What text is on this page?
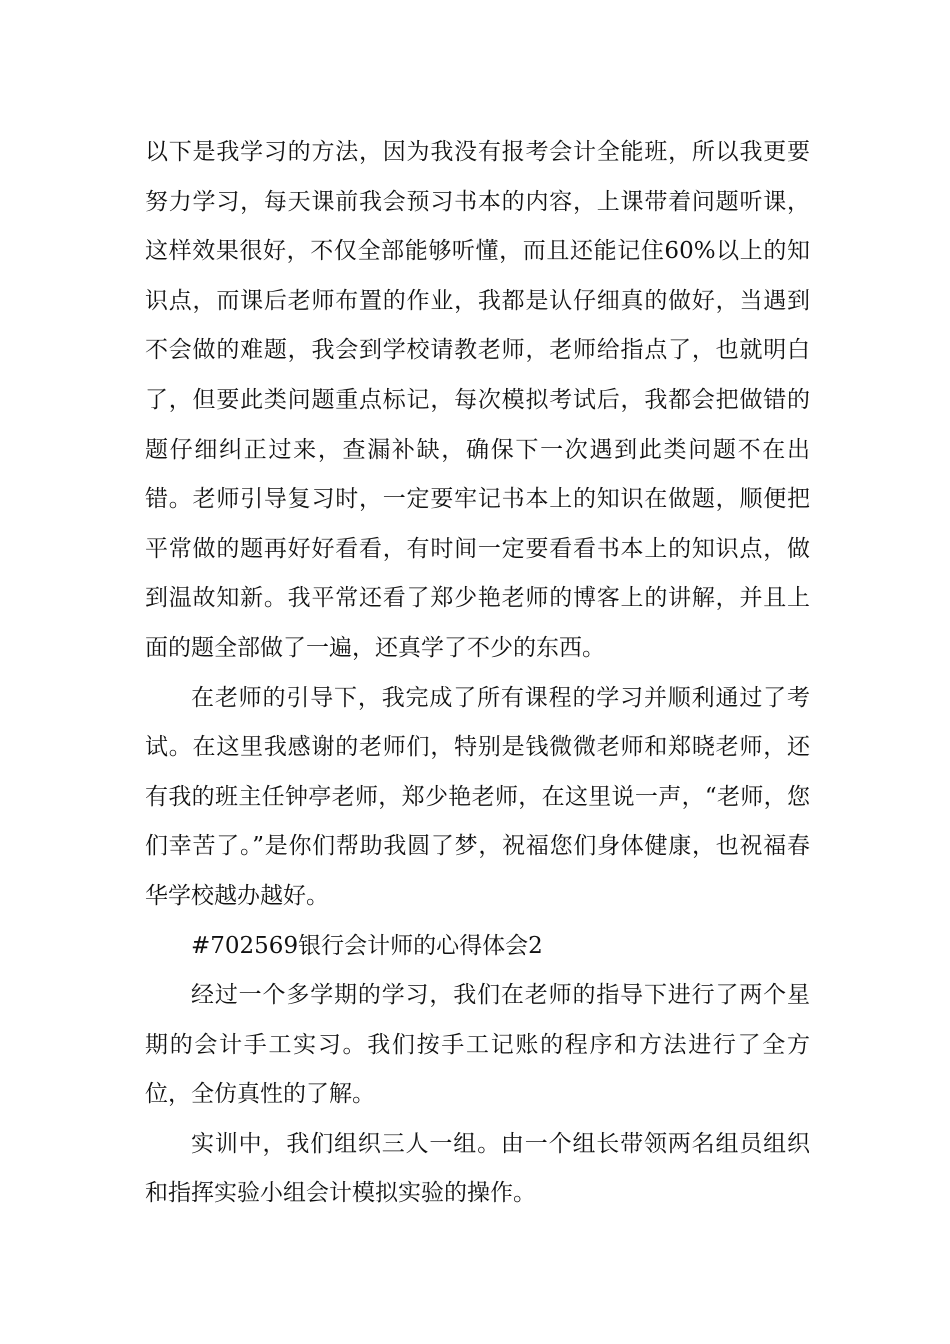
以下是我学习的方法，因为我没有报考会计全能班，所以我更要努力学习，每天课前我会预习书本的内容，上课带着问题听课，这样效果很好，不仅全部能够听懂，而且还能记住60%以上的知识点，而课后老师布置的作业，我都是认仔细真的做好，当遇到不会做的难题，我会到学校请教老师，老师给指点了，也就明白了，但要此类问题重点标记，每次模拟考试后，我都会把做错的题仔细纠正过来，查漏补缺，确保下一次遇到此类问题不在出错。老师引导复习时，一定要牢记书本上的知识在做题，顺便把平常做的题再好好看看，有时间一定要看看书本上的知识点，做到温故知新。我平常还看了郑少艳老师的博客上的讲解，并且上面的题全部做了一遍，还真学了不少的东西。

在老师的引导下，我完成了所有课程的学习并顺利通过了考试。在这里我感谢的老师们，特别是钱微微老师和郑晓老师，还有我的班主任钟亭老师，郑少艳老师，在这里说一声，“老师，您们幸苦了。”是你们帮助我圆了梦，祝福您们身体健康，也祝福春华学校越办越好。

#702569银行会计师的心得体会2

经过一个多学期的学习，我们在老师的指导下进行了两个星期的会计手工实习。我们按手工记账的程序和方法进行了全方位，全仿真性的了解。

实训中，我们组织三人一组。由一个组长带领两名组员组织和指挥实验小组会计模拟实验的操作。
